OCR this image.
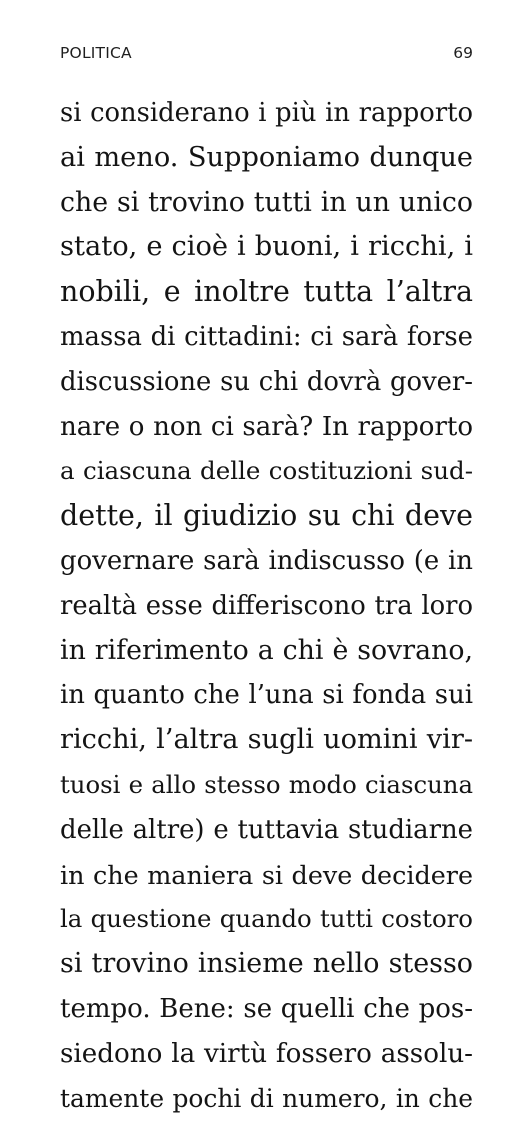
POLITICA	69
si considerano i più in rapporto
ai meno. Supponiamo dunque
che si trovino tutti in un unico
stato, e cioè i buoni, i ricchi, i
nobili, e inoltre tutta l’altra
massa di cittadini: ci sarà forse
discussione su chi dovrà gover-
nare o non ci sarà? In rapporto
a ciascuna delle costituzioni sud-
dette, il giudizio su chi deve
governare sarà indiscusso (e in
realtà esse differiscono tra loro
in riferimento a chi è sovrano,
in quanto che l’una si fonda sui
ricchi, l’altra sugli uomini vir-
tuosi e allo stesso modo ciascuna
delle altre) e tuttavia studiarne
in che maniera si deve decidere
la questione quando tutti costoro
si trovino insieme nello stesso
tempo. Bene: se quelli che pos-
siedono la virtù fossero assolu-
tamente pochi di numero, in che
